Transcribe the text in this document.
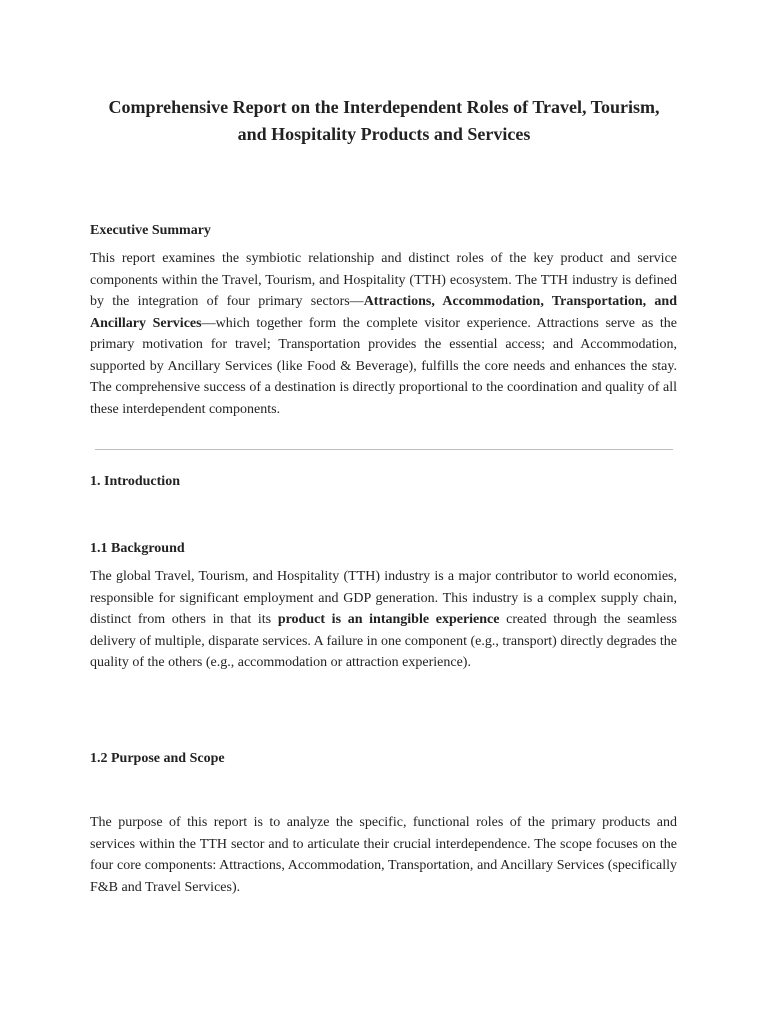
Comprehensive Report on the Interdependent Roles of Travel, Tourism,
and Hospitality Products and Services
Executive Summary

This report examines the symbiotic relationship and distinct roles of the key product and service components within the Travel, Tourism, and Hospitality (TTH) ecosystem. The TTH industry is defined by the integration of four primary sectors—Attractions, Accommodation, Transportation, and Ancillary Services—which together form the complete visitor experience. Attractions serve as the primary motivation for travel; Transportation provides the essential access; and Accommodation, supported by Ancillary Services (like Food & Beverage), fulfills the core needs and enhances the stay. The comprehensive success of a destination is directly proportional to the coordination and quality of all these interdependent components.

1. Introduction
1.1 Background

The global Travel, Tourism, and Hospitality (TTH) industry is a major contributor to world economies, responsible for significant employment and GDP generation. This industry is a complex supply chain, distinct from others in that its product is an intangible experience created through the seamless delivery of multiple, disparate services. A failure in one component (e.g., transport) directly degrades the quality of the others (e.g., accommodation or attraction experience).

1.2 Purpose and Scope

The purpose of this report is to analyze the specific, functional roles of the primary products and services within the TTH sector and to articulate their crucial interdependence. The scope focuses on the four core components: Attractions, Accommodation, Transportation, and Ancillary Services (specifically F&B and Travel Services).
